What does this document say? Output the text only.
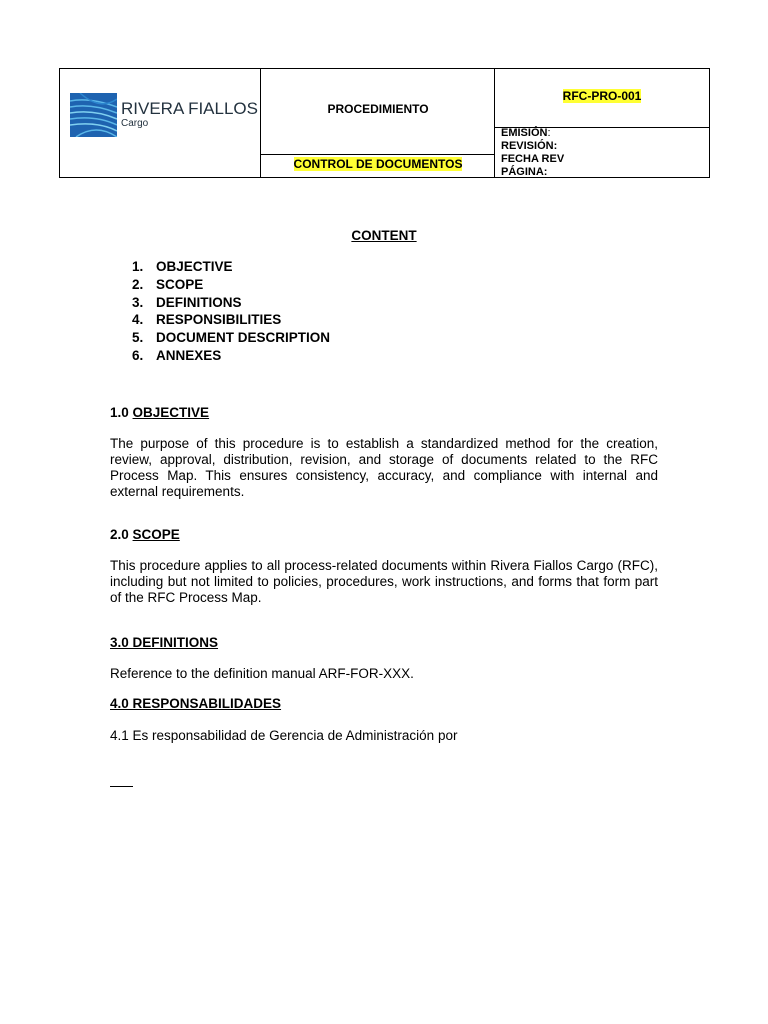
RIVERA FIALLOS
Cargo
PROCEDIMIENTO
CONTROL DE DOCUMENTOS
RFC-PRO-001
EMISIÓN:
REVISIÓN:
FECHA REV
PÁGINA:
CONTENT
1. OBJECTIVE
2. SCOPE
3. DEFINITIONS
4. RESPONSIBILITIES
5. DOCUMENT DESCRIPTION
6. ANNEXES
1.0 OBJECTIVE

The purpose of this procedure is to establish a standardized method for the creation, review, approval, distribution, revision, and storage of documents related to the RFC Process Map. This ensures consistency, accuracy, and compliance with internal and external requirements.

2.0 SCOPE

This procedure applies to all process-related documents within Rivera Fiallos Cargo (RFC), including but not limited to policies, procedures, work instructions, and forms that form part of the RFC Process Map.

3.0 DEFINITIONS

Reference to the definition manual ARF-FOR-XXX.

4.0 RESPONSABILIDADES

4.1 Es responsabilidad de Gerencia de Administración por
